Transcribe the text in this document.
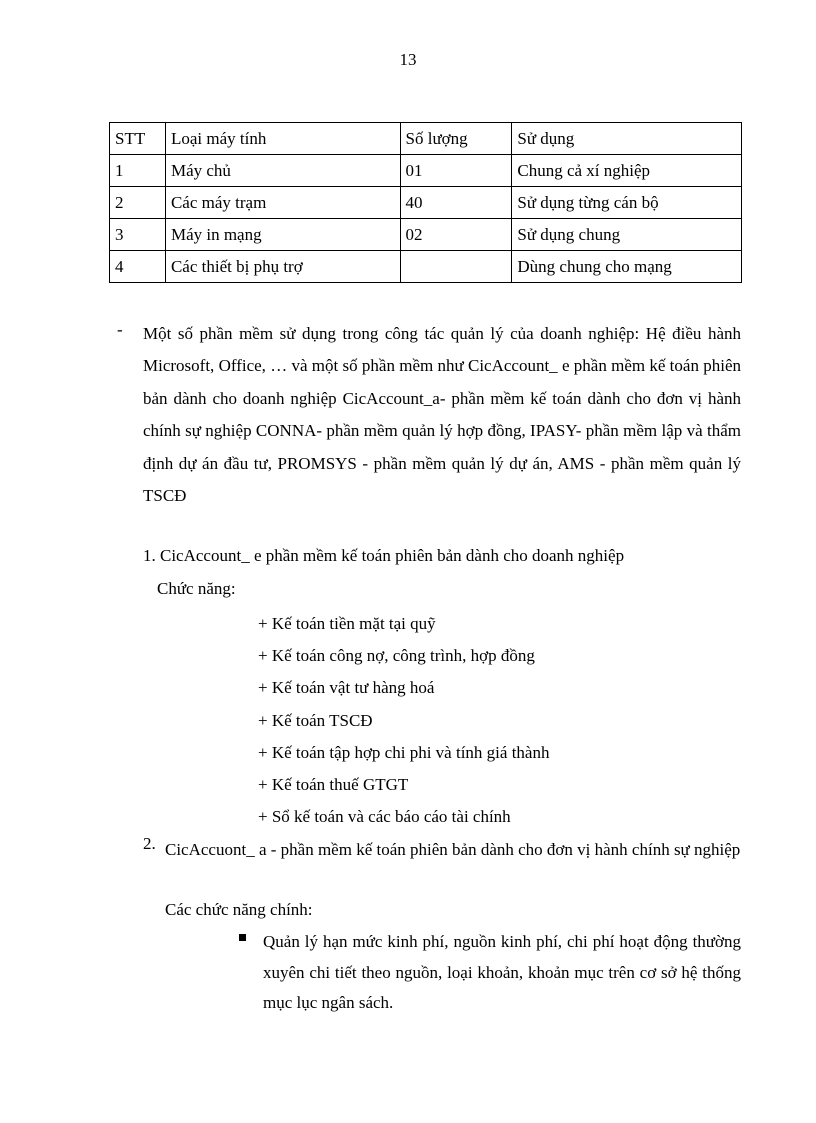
13
STT	Loại máy tính	Số lượng	Sử dụng
1	Máy chủ	01	Chung cả xí nghiệp
2	Các máy trạm	40	Sử dụng từng cán bộ
3	Máy in mạng	02	Sử dụng chung
4	Các thiết bị phụ trợ		Dùng chung cho mạng
- Một số phần mềm sử dụng trong công tác quản lý của doanh nghiệp: Hệ điều hành Microsoft, Office, … và một số phần mềm như CicAccount_ e phần mềm kế toán phiên bản dành cho doanh nghiệp CicAccount_a- phần mềm kế toán dành cho đơn vị hành chính sự nghiệp CONNA- phần mềm quản lý hợp đồng, IPASY- phần mềm lập và thẩm định dự án đầu tư, PROMSYS - phần mềm quản lý dự án, AMS - phần mềm quản lý TSCĐ
1. CicAccount_ e phần mềm kế toán phiên bản dành cho doanh nghiệp
Chức năng:
+ Kế toán tiền mặt tại quỹ
+ Kế toán công nợ, công trình, hợp đồng
+ Kế toán vật tư hàng hoá
+ Kế toán TSCĐ
+ Kế toán tập hợp chi phi và tính giá thành
+ Kế toán thuế GTGT
+ Sổ kế toán và các báo cáo tài chính
2. CicAccuont_ a - phần mềm kế toán phiên bản dành cho đơn vị hành chính sự nghiệp
Các chức năng chính:
Quản lý hạn mức kinh phí, nguồn kinh phí, chi phí hoạt động thường xuyên chi tiết theo nguồn, loại khoản, khoản mục trên cơ sở hệ thống mục lục ngân sách.
